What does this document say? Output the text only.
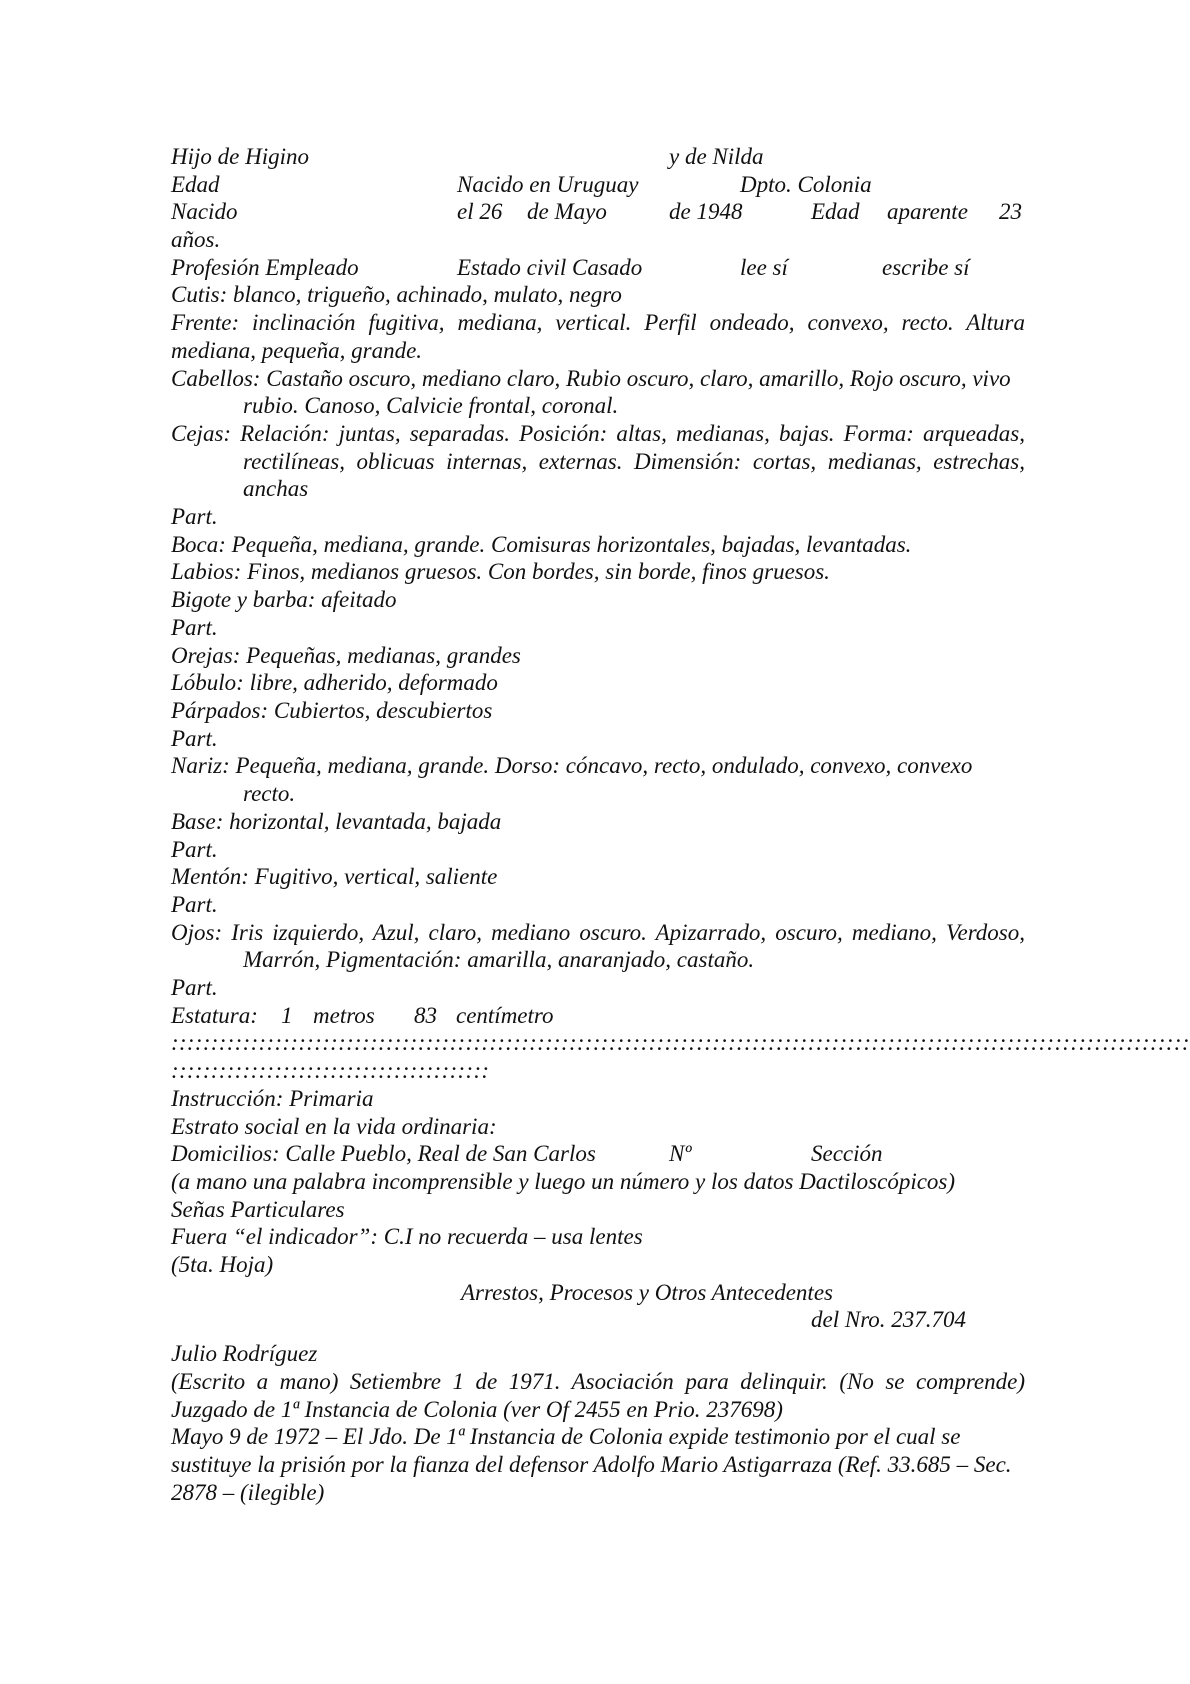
Hijo de Higino	y de Nilda
Edad	Nacido en Uruguay	Dpto. Colonia
Nacido	el 26 de Mayo	de 1948	Edad aparente 23
años.
Profesión Empleado	Estado civil Casado	lee sí	escribe sí
Cutis: blanco, trigueño, achinado, mulato, negro
Frente: inclinación fugitiva, mediana, vertical. Perfil ondeado, convexo, recto. Altura mediana, pequeña, grande.
Cabellos: Castaño oscuro, mediano claro, Rubio oscuro, claro, amarillo, Rojo oscuro, vivo rubio. Canoso, Calvicie frontal, coronal.
Cejas: Relación: juntas, separadas. Posición: altas, medianas, bajas. Forma: arqueadas, rectilíneas, oblicuas internas, externas. Dimensión: cortas, medianas, estrechas, anchas
Part.
Boca: Pequeña, mediana, grande. Comisuras horizontales, bajadas, levantadas.
Labios: Finos, medianos gruesos. Con bordes, sin borde, finos gruesos.
Bigote y barba: afeitado
Part.
Orejas: Pequeñas, medianas, grandes
Lóbulo: libre, adherido, deformado
Párpados: Cubiertos, descubiertos
Part.
Nariz: Pequeña, mediana, grande. Dorso: cóncavo, recto, ondulado, convexo, convexo recto.
Base: horizontal, levantada, bajada
Part.
Mentón: Fugitivo, vertical, saliente
Part.
Ojos: Iris izquierdo, Azul, claro, mediano oscuro. Apizarrado, oscuro, mediano, Verdoso, Marrón, Pigmentación: amarilla, anaranjado, castaño.
Part.
Estatura: 1 metros 83 centímetro
::::::::::::::::::::::::::::::::::::::::::::::::::::::::::::::::::::::::::::::::::::::::::::::::::::::::::::::::::::::::::::::::
::::::::::::::::::::::::::::::::::::::::
Instrucción: Primaria
Estrato social en la vida ordinaria:
Domicilios: Calle Pueblo, Real de San Carlos	Nº	Sección
(a mano una palabra incomprensible y luego un número y los datos Dactiloscópicos)
Señas Particulares
Fuera “el indicador”: C.I no recuerda – usa lentes
(5ta. Hoja)
Arrestos, Procesos y Otros Antecedentes
del Nro. 237.704
Julio Rodríguez
(Escrito a mano) Setiembre 1 de 1971. Asociación para delinquir. (No se comprende) Juzgado de 1ª Instancia de Colonia (ver Of 2455 en Prio. 237698)
Mayo 9 de 1972 – El Jdo. De 1ª Instancia de Colonia expide testimonio por el cual se sustituye la prisión por la fianza del defensor Adolfo Mario Astigarraza (Ref. 33.685 – Sec. 2878 – (ilegible)
